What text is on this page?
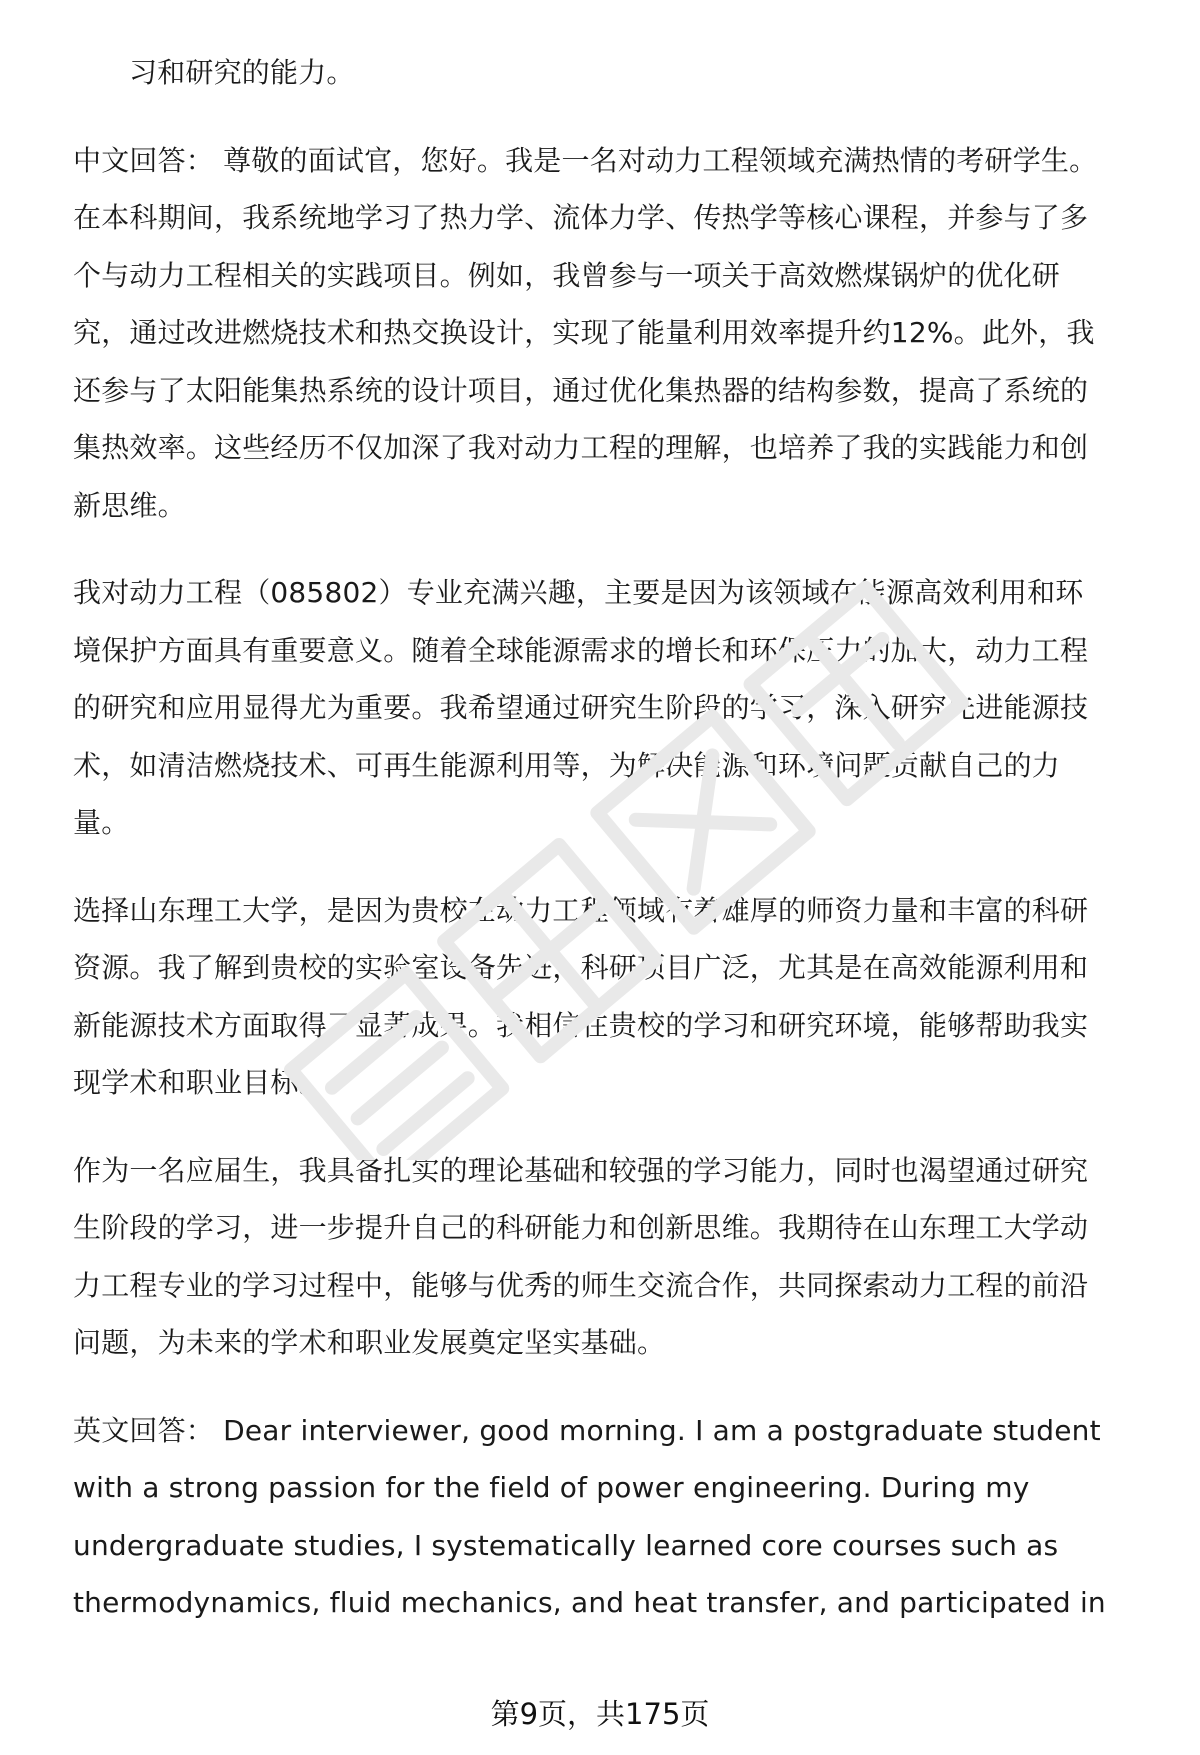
习和研究的能力。

中文回答： 尊敬的面试官，您好。我是一名对动力工程领域充满热情的考研学生。
在本科期间，我系统地学习了热力学、流体力学、传热学等核心课程，并参与了多
个与动力工程相关的实践项目。例如，我曾参与一项关于高效燃煤锅炉的优化研
究，通过改进燃烧技术和热交换设计，实现了能量利用效率提升约12%。此外，我
还参与了太阳能集热系统的设计项目，通过优化集热器的结构参数，提高了系统的
集热效率。这些经历不仅加深了我对动力工程的理解，也培养了我的实践能力和创
新思维。

我对动力工程（085802）专业充满兴趣，主要是因为该领域在能源高效利用和环
境保护方面具有重要意义。随着全球能源需求的增长和环保压力的加大，动力工程
的研究和应用显得尤为重要。我希望通过研究生阶段的学习，深入研究先进能源技
术，如清洁燃烧技术、可再生能源利用等，为解决能源和环境问题贡献自己的力
量。

选择山东理工大学，是因为贵校在动力工程领域有着雄厚的师资力量和丰富的科研
资源。我了解到贵校的实验室设备先进，科研项目广泛，尤其是在高效能源利用和
新能源技术方面取得了显著成果。我相信在贵校的学习和研究环境，能够帮助我实
现学术和职业目标。

作为一名应届生，我具备扎实的理论基础和较强的学习能力，同时也渴望通过研究
生阶段的学习，进一步提升自己的科研能力和创新思维。我期待在山东理工大学动
力工程专业的学习过程中，能够与优秀的师生交流合作，共同探索动力工程的前沿
问题，为未来的学术和职业发展奠定坚实基础。

英文回答： Dear interviewer, good morning. I am a postgraduate student
with a strong passion for the field of power engineering. During my
undergraduate studies, I systematically learned core courses such as
thermodynamics, fluid mechanics, and heat transfer, and participated in

第9页，共175页
